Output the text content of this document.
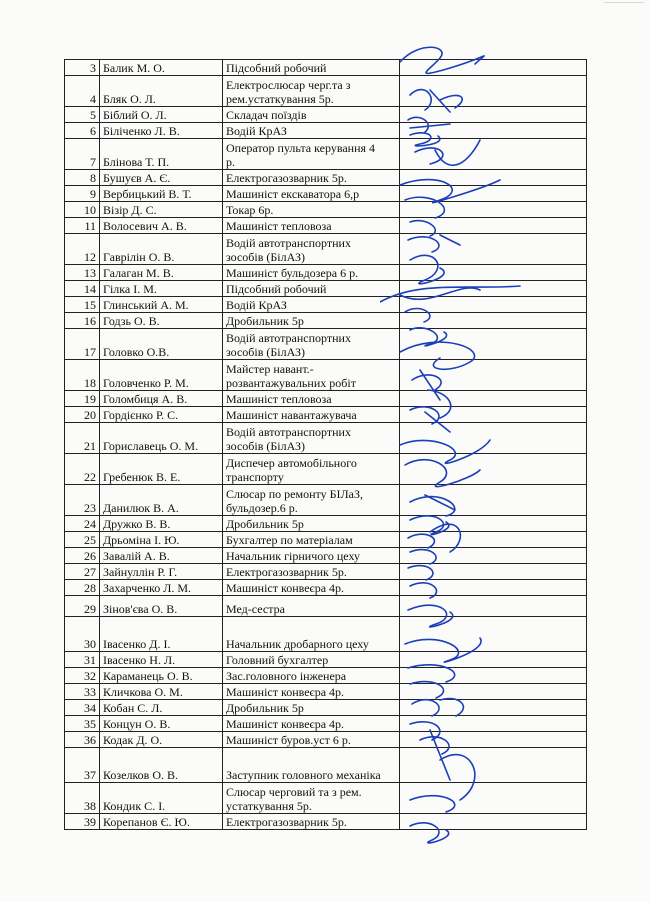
3	Балик М. О.	Підсобний робочий	

4	Бляк О. Л.	Електрослюсар черг.та з
рем.устаткування 5р.	

5	Біблий О. Л.	Складач поїздів	

6	Біліченко Л. В.	Водій КрАЗ	

7	Блінова Т. П.	Оператор пульта керування 4
р.	

8	Бушуєв А. Є.	Електрогазозварник 5р.	

9	Вербицький В. Т.	Машиніст екскаватора 6,р	

10	Візір Д. С.	Токар 6р.	

11	Волосевич А. В.	Машиніст тепловоза	

12	Гаврілін О. В.	Водій автотранспортних
зособів (БілАЗ)	

13	Галаган М. В.	Машиніст бульдозера 6 р.	

14	Гілка І. М.	Підсобний робочий	

15	Глинський А. М.	Водій КрАЗ	

16	Годзь О. В.	Дробильник 5р	

17	Головко О.В.	Водій автотранспортних
зособів (БілАЗ)	

18	Головченко Р. М.	Майстер навант.-
розвантажувальних робіт	

19	Голомбиця А. В.	Машиніст тепловоза	

20	Гордієнко Р. С.	Машиніст навантажувача	

21	Гориславець О. М.	Водій автотранспортних
зособів (БілАЗ)	

22	Гребенюк В. Е.	Диспечер автомобільного
транспорту	

23	Данилюк В. А.	Слюсар по ремонту БІЛаЗ,
бульдозер.6 р.	

24	Дружко В. В.	Дробильник 5р	

25	Дрьоміна І. Ю.	Бухгалтер по матеріалам	

26	Завалій А. В.	Начальник гірничого цеху	

27	Зайнуллін Р. Г.	Електрогазозварник 5р.	

28	Захарченко Л. М.	Машиніст конвеєра 4р.	

29	Зінов'єва О. В.	Мед-сестра	

30	Івасенко Д. І.	Начальник дробарного цеху	

31	Івасенко Н. Л.	Головний бухгалтер	

32	Караманець О. В.	Зас.головного інженера	

33	Кличкова О. М.	Машиніст конвеєра 4р.	

34	Кобан С. Л.	Дробильник 5р	

35	Концун О. В.	Машиніст конвеєра 4р.	

36	Кодак Д. О.	Машиніст буров.уст 6 р.	

37	Козелков О. В.	Заступник головного механіка	

38	Кондик С. І.	Слюсар черговий та з рем.
устаткування 5р.	

39	Корепанов Є. Ю.	Електрогазозварник 5р.	
